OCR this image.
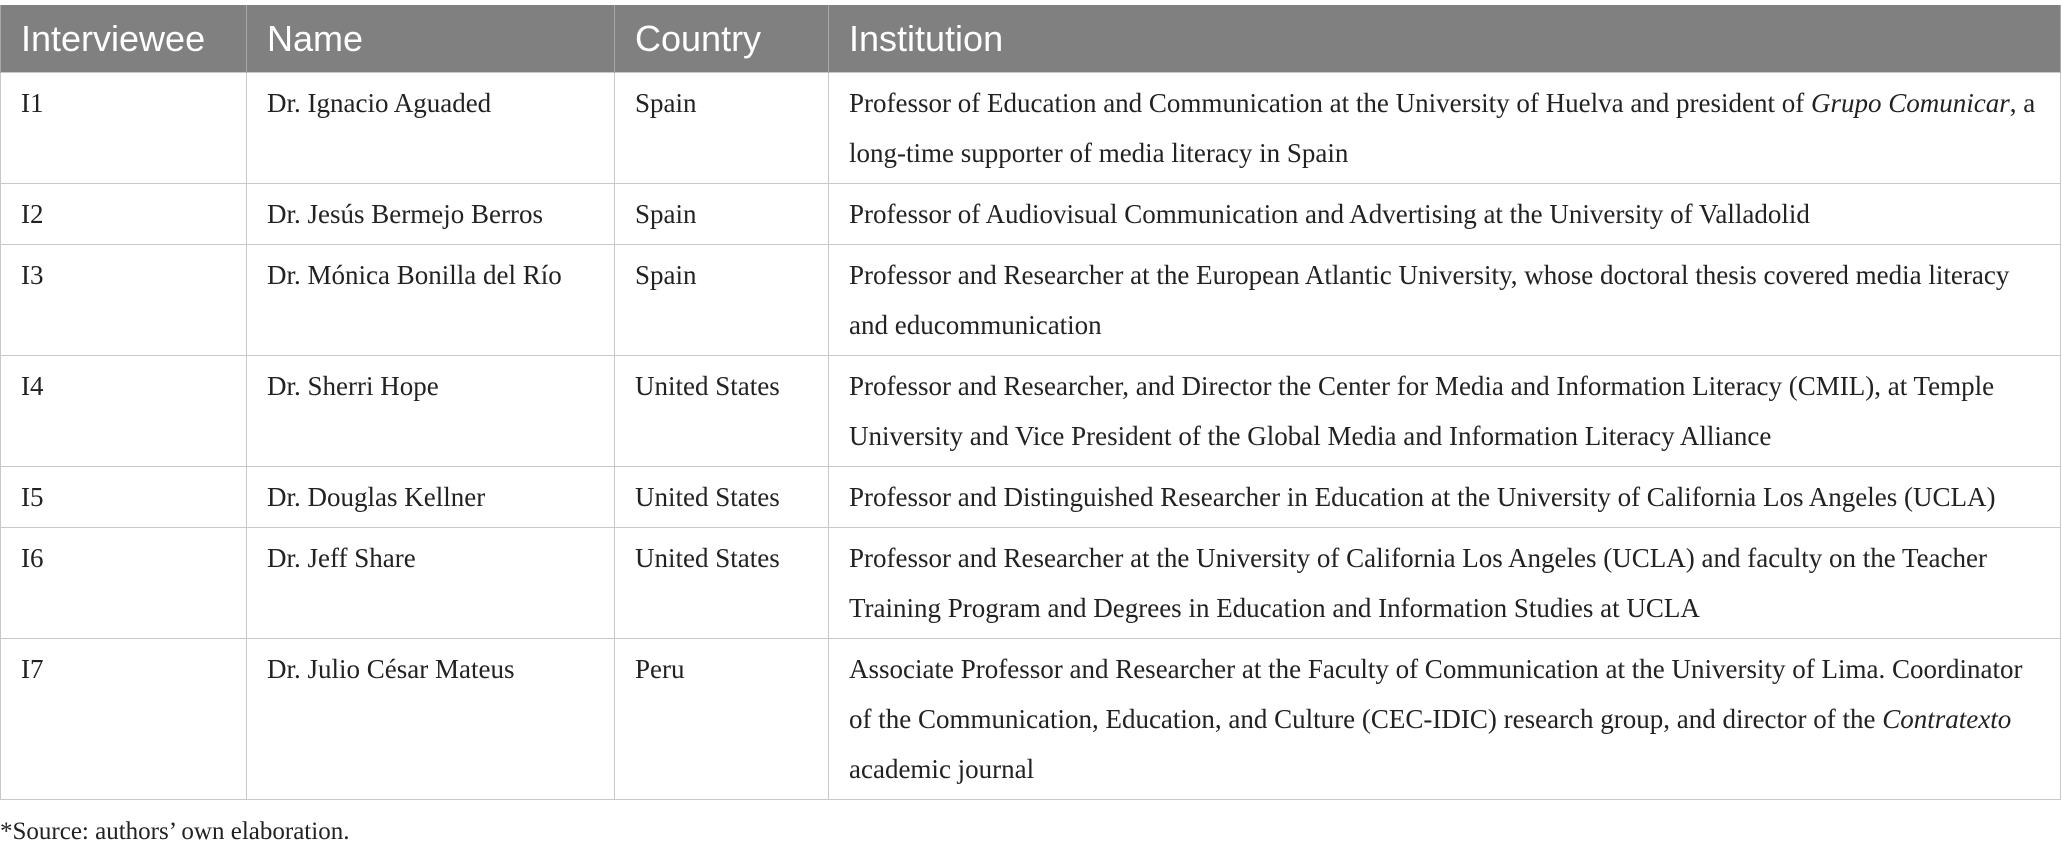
Interviewee	Name	Country	Institution
I1	Dr. Ignacio Aguaded	Spain	Professor of Education and Communication at the University of Huelva and president of Grupo Comunicar, a long-time supporter of media literacy in Spain
I2	Dr. Jesús Bermejo Berros	Spain	Professor of Audiovisual Communication and Advertising at the University of Valladolid
I3	Dr. Mónica Bonilla del Río	Spain	Professor and Researcher at the European Atlantic University, whose doctoral thesis covered media literacy and educommunication
I4	Dr. Sherri Hope	United States	Professor and Researcher, and Director the Center for Media and Information Literacy (CMIL), at Temple University and Vice President of the Global Media and Information Literacy Alliance
I5	Dr. Douglas Kellner	United States	Professor and Distinguished Researcher in Education at the University of California Los Angeles (UCLA)
I6	Dr. Jeff Share	United States	Professor and Researcher at the University of California Los Angeles (UCLA) and faculty on the Teacher Training Program and Degrees in Education and Information Studies at UCLA
I7	Dr. Julio César Mateus	Peru	Associate Professor and Researcher at the Faculty of Communication at the University of Lima. Coordinator of the Communication, Education, and Culture (CEC-IDIC) research group, and director of the Contratexto academic journal
*Source: authors’ own elaboration.
